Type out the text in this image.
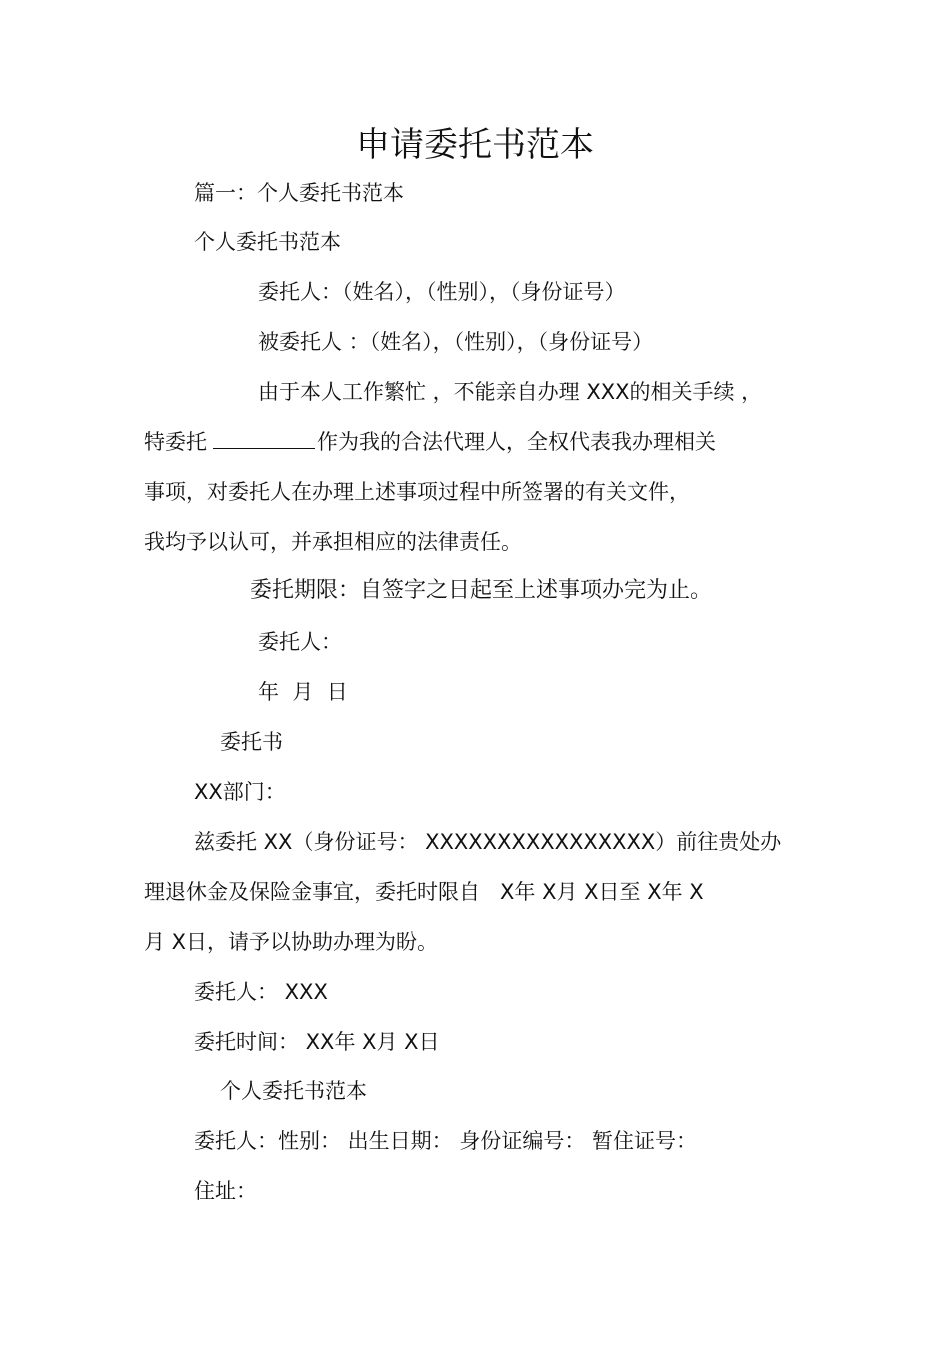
申请委托书范本
篇一：个人委托书范本
个人委托书范本
委托人：（姓名），（性别），（身份证号）
被委托人 ：（姓名），（性别），（身份证号）
由于本人工作繁忙 ，不能亲自办理 XXX的相关手续 ，
特委托	作为我的合法代理人，全权代表我办理相关
事项，对委托人在办理上述事项过程中所签署的有关文件，
我均予以认可，并承担相应的法律责任。
委托期限：自签字之日起至上述事项办完为止。
委托人：
年  月  日
委托书
XX部门：
兹委托 XX（身份证号： XXXXXXXXXXXXXXXX）前往贵处办
理退休金及保险金事宜，委托时限自   X年 X月 X日至 X年 X
月 X日，请予以协助办理为盼。
委托人： XXX
委托时间： XX年 X月 X日
个人委托书范本
委托人：性别： 出生日期： 身份证编号： 暂住证号：
住址：
